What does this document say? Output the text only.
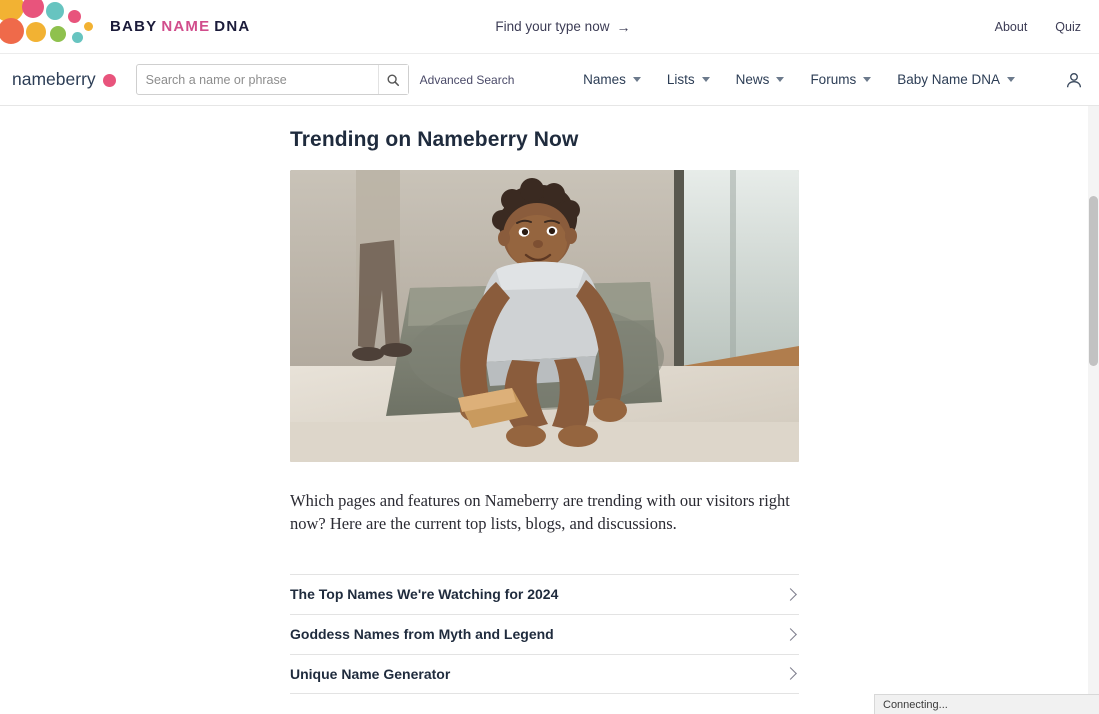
BABY NAME DNA	Find your type now →	About Quiz
nameberry
Search a name or phrase	Advanced Search	Names	Lists	News	Forums	Baby Name DNA
Trending on Nameberry Now

Which pages and features on Nameberry are trending with our visitors right now? Here are the current top lists, blogs, and discussions.

The Top Names We're Watching for 2024
Goddess Names from Myth and Legend
Unique Name Generator
Connecting...
